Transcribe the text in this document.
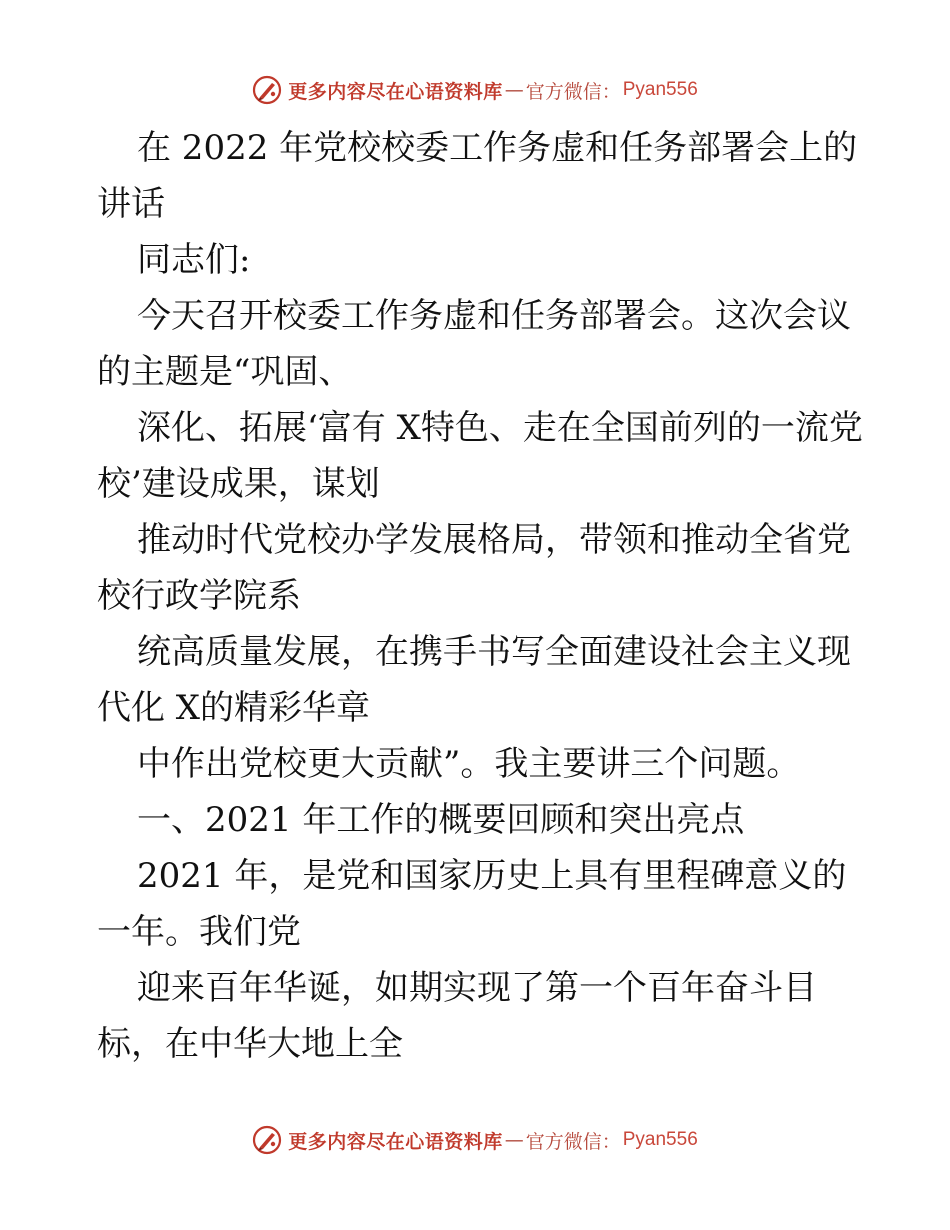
更多内容尽在心语资料库 — 官方微信： Pyan556

在 2022 年党校校委工作务虚和任务部署会上的讲话

同志们:

今天召开校委工作务虚和任务部署会。这次会议的主题是“巩固、

深化、拓展‘富有 X特色、走在全国前列的一流党校’建设成果，谋划

推动时代党校办学发展格局，带领和推动全省党校行政学院系

统高质量发展，在携手书写全面建设社会主义现代化 X的精彩华章

中作出党校更大贡献”。我主要讲三个问题。

一、2021 年工作的概要回顾和突出亮点

2021 年，是党和国家历史上具有里程碑意义的一年。我们党

迎来百年华诞，如期实现了第一个百年奋斗目标，在中华大地上全

更多内容尽在心语资料库 — 官方微信： Pyan556
